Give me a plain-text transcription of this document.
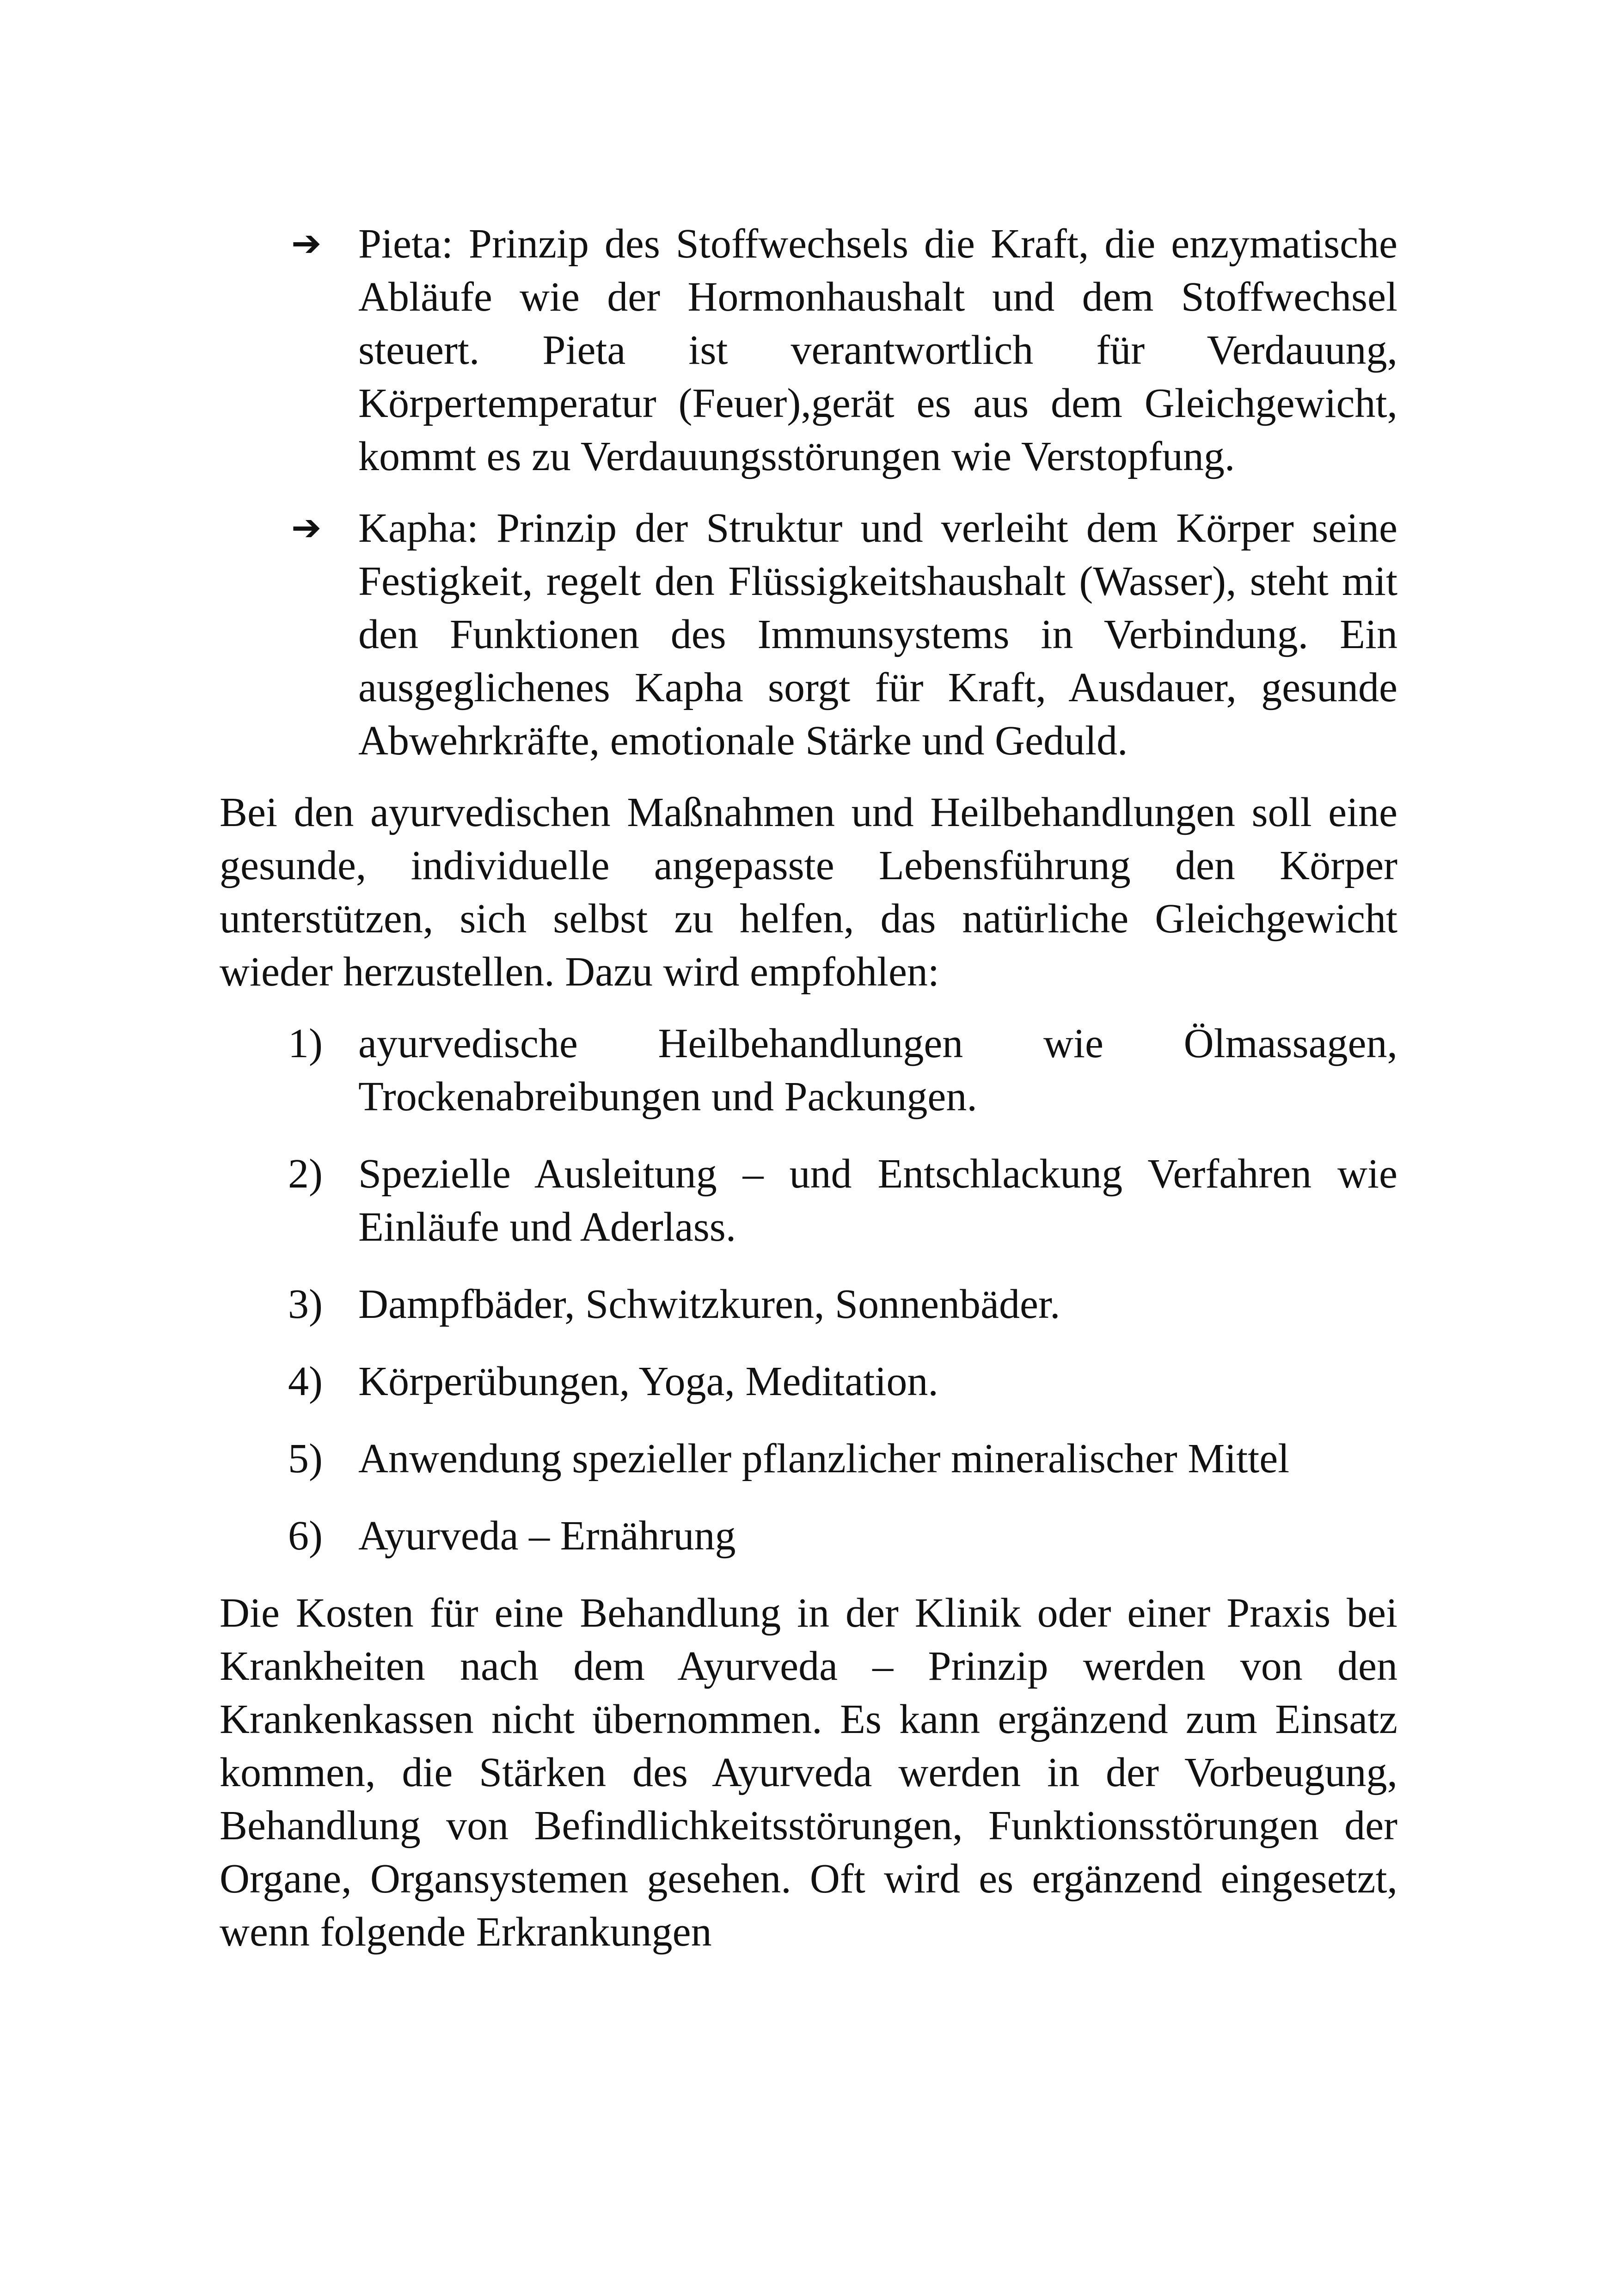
➔ Pieta: Prinzip des Stoffwechsels die Kraft, die enzymatische Abläufe wie der Hormonhaushalt und dem Stoffwechsel steuert. Pieta ist verantwortlich für Verdauung, Körpertemperatur (Feuer),gerät es aus dem Gleichgewicht, kommt es zu Verdauungsstörungen wie Verstopfung.

➔ Kapha: Prinzip der Struktur und verleiht dem Körper seine Festigkeit, regelt den Flüssigkeitshaushalt (Wasser), steht mit den Funktionen des Immunsystems in Verbindung. Ein ausgeglichenes Kapha sorgt für Kraft, Ausdauer, gesunde Abwehrkräfte, emotionale Stärke und Geduld.

Bei den ayurvedischen Maßnahmen und Heilbehandlungen soll eine gesunde, individuelle angepasste Lebensführung den Körper unterstützen, sich selbst zu helfen, das natürliche Gleichgewicht wieder herzustellen. Dazu wird empfohlen:

1) ayurvedische Heilbehandlungen wie Ölmassagen, Trockenabreibungen und Packungen.

2) Spezielle Ausleitung – und Entschlackung Verfahren wie Einläufe und Aderlass.

3) Dampfbäder, Schwitzkuren, Sonnenbäder.

4) Körperübungen, Yoga, Meditation.

5) Anwendung spezieller pflanzlicher mineralischer Mittel

6) Ayurveda – Ernährung

Die Kosten für eine Behandlung in der Klinik oder einer Praxis bei Krankheiten nach dem Ayurveda – Prinzip werden von den Krankenkassen nicht übernommen. Es kann ergänzend zum Einsatz kommen, die Stärken des Ayurveda werden in der Vorbeugung, Behandlung von Befindlichkeitsstörungen, Funktionsstörungen der Organe, Organsystemen gesehen. Oft wird es ergänzend eingesetzt, wenn folgende Erkrankungen
